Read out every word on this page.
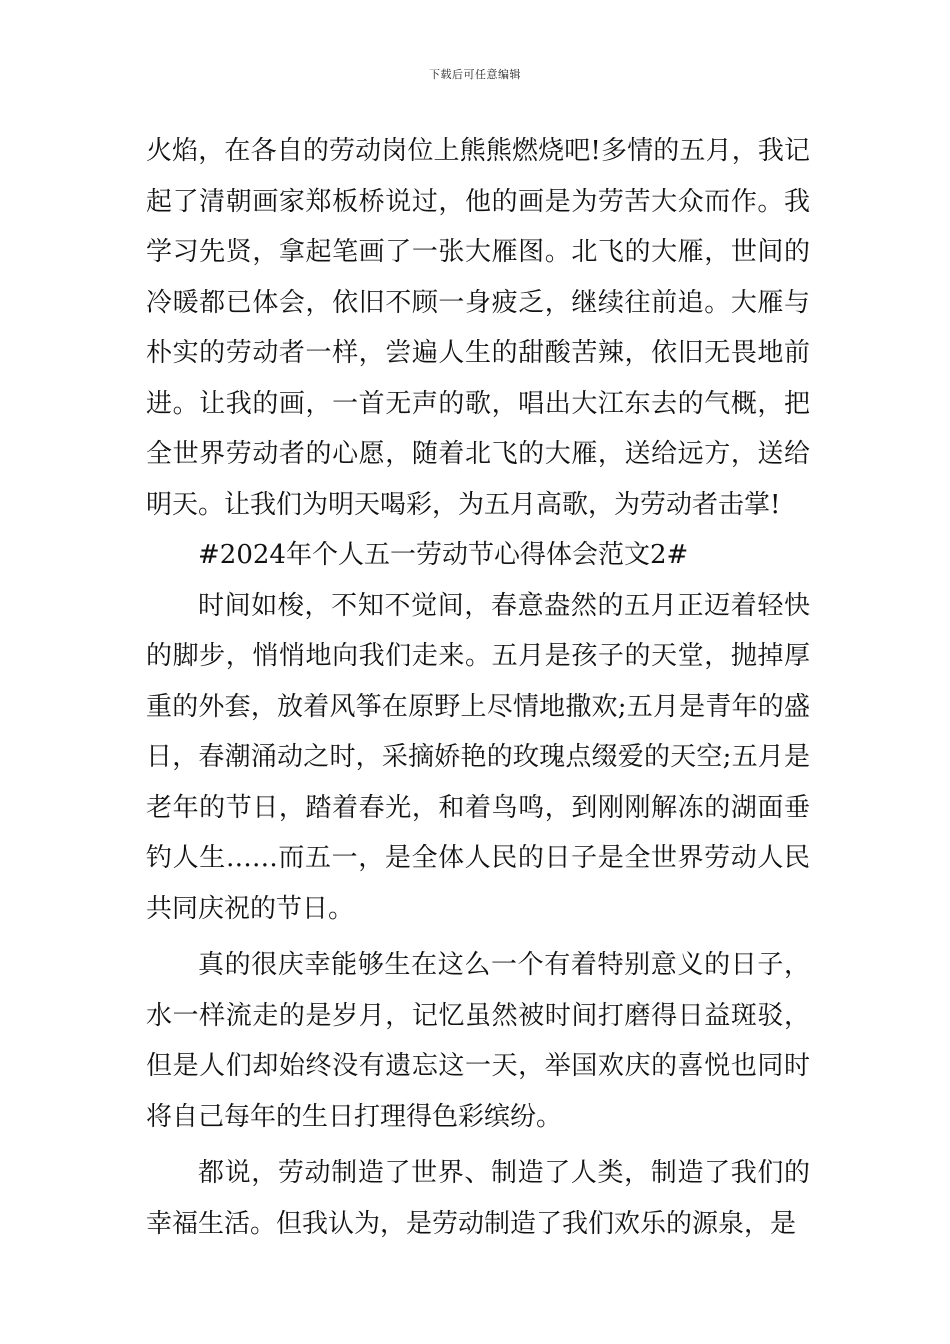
下载后可任意编辑

火焰，在各自的劳动岗位上熊熊燃烧吧!多情的五月，我记起了清朝画家郑板桥说过，他的画是为劳苦大众而作。我学习先贤，拿起笔画了一张大雁图。北飞的大雁，世间的冷暖都已体会，依旧不顾一身疲乏，继续往前追。大雁与朴实的劳动者一样，尝遍人生的甜酸苦辣，依旧无畏地前进。让我的画，一首无声的歌，唱出大江东去的气概，把全世界劳动者的心愿，随着北飞的大雁，送给远方，送给明天。让我们为明天喝彩，为五月高歌，为劳动者击掌!

#2024年个人五一劳动节心得体会范文2#

时间如梭，不知不觉间，春意盎然的五月正迈着轻快的脚步，悄悄地向我们走来。五月是孩子的天堂，抛掉厚重的外套，放着风筝在原野上尽情地撒欢;五月是青年的盛日，春潮涌动之时，采摘娇艳的玫瑰点缀爱的天空;五月是老年的节日，踏着春光，和着鸟鸣，到刚刚解冻的湖面垂钓人生……而五一，是全体人民的日子是全世界劳动人民共同庆祝的节日。

真的很庆幸能够生在这么一个有着特别意义的日子，水一样流走的是岁月，记忆虽然被时间打磨得日益斑驳，但是人们却始终没有遗忘这一天，举国欢庆的喜悦也同时将自己每年的生日打理得色彩缤纷。

都说，劳动制造了世界、制造了人类，制造了我们的幸福生活。但我认为，是劳动制造了我们欢乐的源泉，是
